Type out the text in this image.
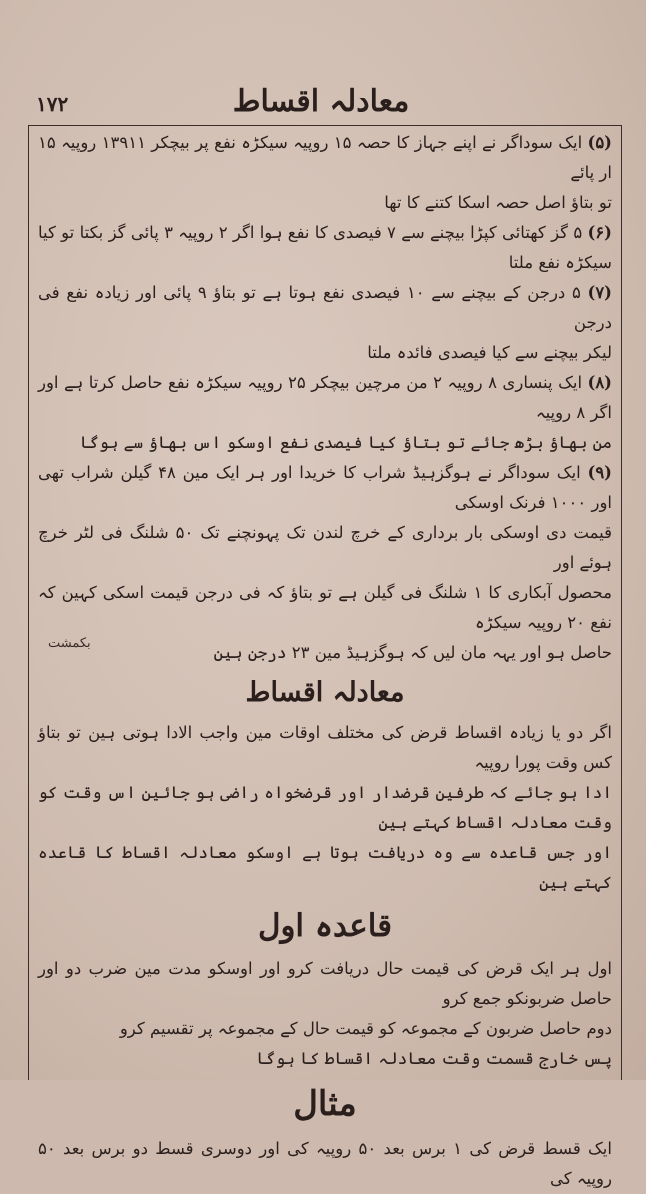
۱۷۲	معادلہ اقساط

(۵) ایک سوداگر نے اپنے جہاز کا حصہ ۱۵ روپیہ سیکڑہ نفع پر بیچکر ۱۳۹۱۱ روپیہ ۱۵ ار پائے

تو بتاؤ اصل حصہ اسکا کتنے کا تھا

(۶) ۵ گز کھتائی کپڑا بیچنے سے ۷ فیصدی کا نفع ہوا اگر ۲ روپیہ ۳ پائی گز بکتا تو کیا سیکڑہ نفع ملتا

(۷) ۵ درجن کے بیچنے سے ۱۰ فیصدی نفع ہوتا ہے تو بتاؤ ۹ پائی اور زیادہ نفع فی درجن

لیکر بیچنے سے کیا فیصدی فائدہ ملتا

(۸) ایک پنساری ۸ روپیہ ۲ من مرچین بیچکر ۲۵ روپیہ سیکڑہ نفع حاصل کرتا ہے اور اگر ۸ روپیہ

من بھاؤ بڑھ جائے تو بتاؤ کیا فیصدی نفع اوسکو اس بھاؤ سے ہوگا

(۹) ایک سوداگر نے ہوگزہیڈ شراب کا خریدا اور ہر ایک مین ۴۸ گیلن شراب تھی اور ۱۰۰۰ فرنک اوسکی

قیمت دی اوسکی بار برداری کے خرچ لندن تک پہونچنے تک ۵۰ شلنگ فی لٹر خرچ ہوئے اور

محصول آبکاری کا ۱ شلنگ فی گیلن ہے تو بتاؤ کہ فی درجن قیمت اسکی کہین کہ نفع ۲۰ روپیہ سیکڑہ

حاصل ہو اور یہہ مان لیں کہ ہوگزہیڈ مین ۲۳ درجن ہین

معادلہ اقساط

اگر دو یا زیادہ اقساط قرض کی مختلف اوقات مین واجب الادا ہوتی ہین تو بتاؤ کس وقت پورا روپیہ

ادا ہو جائے کہ طرفین قرضدار اور قرضخواہ راضی ہو جائین اس وقت کو وقت معادلہ اقساط کہتے ہین

اور جس قاعدہ سے وہ دریافت ہوتا ہے اوسکو معادلہ اقساط کا قاعدہ کہتے ہین

قاعدہ اول

اول ہر ایک قرض کی قیمت حال دریافت کرو اور اوسکو مدت مین ضرب دو اور حاصل ضربونکو جمع کرو

دوم حاصل ضربون کے مجموعہ کو قیمت حال کے مجموعہ پر تقسیم کرو

پس خارج قسمت وقت معادلہ اقساط کا ہوگا

مثال

ایک قسط قرض کی ۱ برس بعد ۵۰ روپیہ کی اور دوسری قسط دو برس بعد ۵۰ روپیہ کی

بکمشت
